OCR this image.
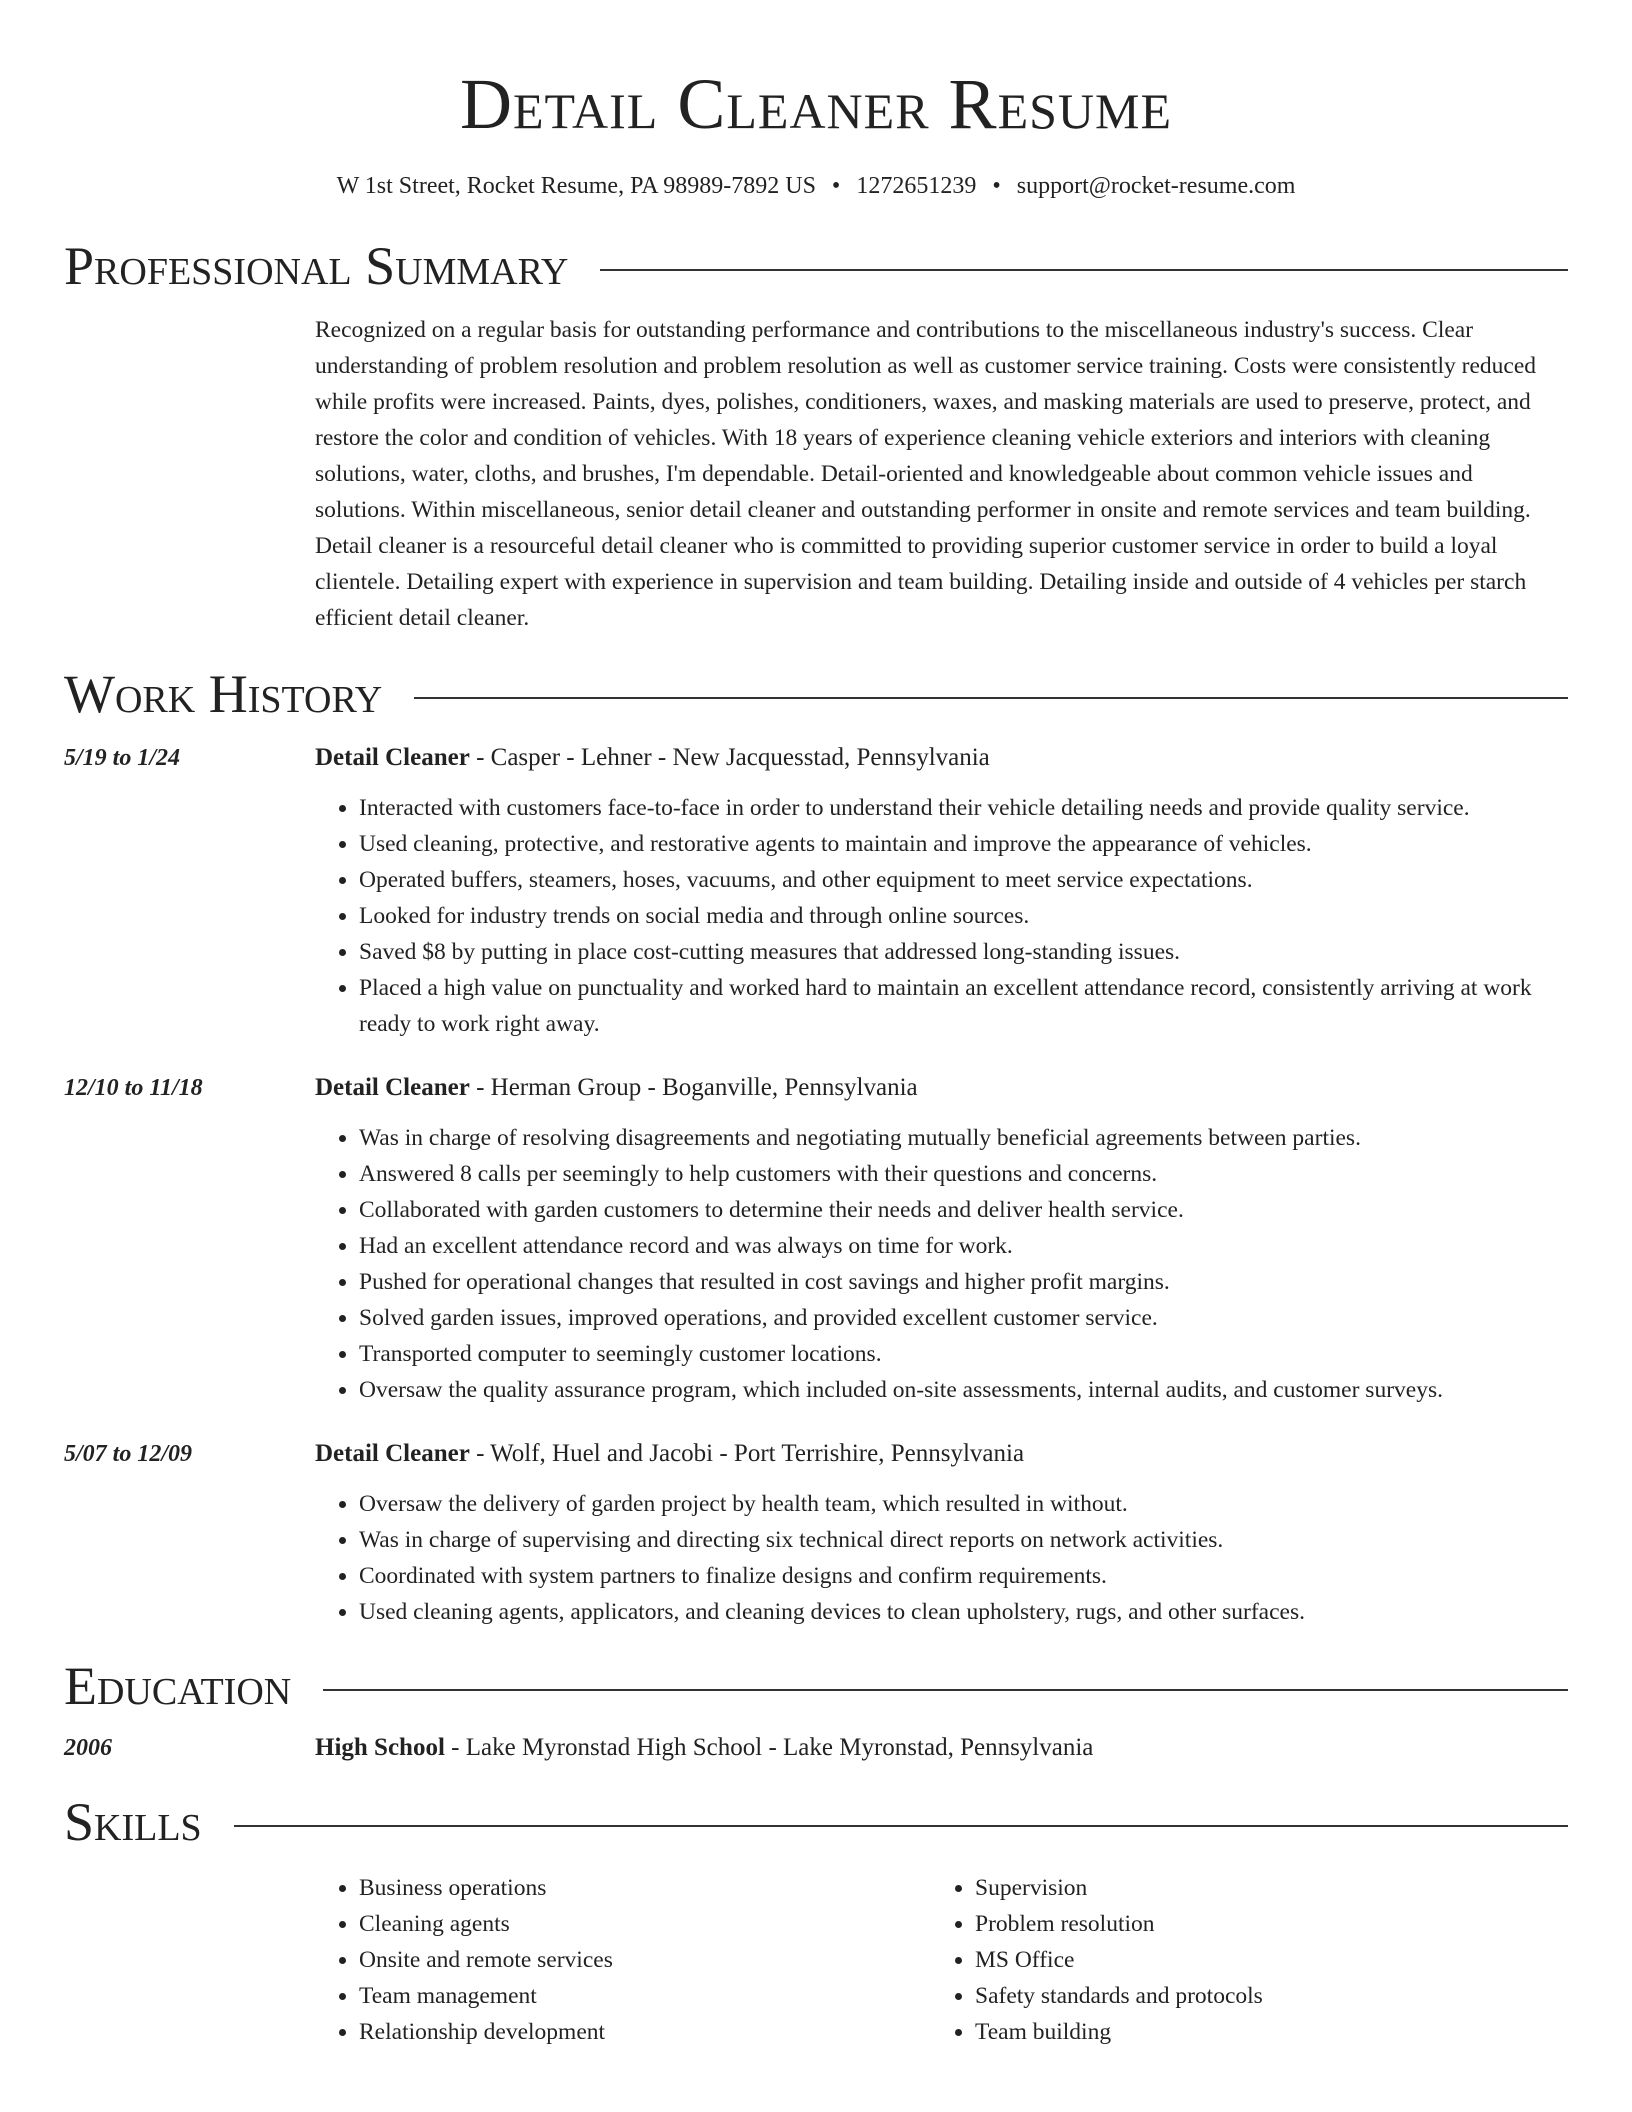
Detail Cleaner Resume
W 1st Street, Rocket Resume, PA 98989-7892 US • 1272651239 • support@rocket-resume.com
Professional Summary
Recognized on a regular basis for outstanding performance and contributions to the miscellaneous industry's success. Clear understanding of problem resolution and problem resolution as well as customer service training. Costs were consistently reduced while profits were increased. Paints, dyes, polishes, conditioners, waxes, and masking materials are used to preserve, protect, and restore the color and condition of vehicles. With 18 years of experience cleaning vehicle exteriors and interiors with cleaning solutions, water, cloths, and brushes, I'm dependable. Detail-oriented and knowledgeable about common vehicle issues and solutions. Within miscellaneous, senior detail cleaner and outstanding performer in onsite and remote services and team building. Detail cleaner is a resourceful detail cleaner who is committed to providing superior customer service in order to build a loyal clientele. Detailing expert with experience in supervision and team building. Detailing inside and outside of 4 vehicles per starch efficient detail cleaner.
Work History
5/19 to 1/24	Detail Cleaner - Casper - Lehner - New Jacquesstad, Pennsylvania
• Interacted with customers face-to-face in order to understand their vehicle detailing needs and provide quality service.
• Used cleaning, protective, and restorative agents to maintain and improve the appearance of vehicles.
• Operated buffers, steamers, hoses, vacuums, and other equipment to meet service expectations.
• Looked for industry trends on social media and through online sources.
• Saved $8 by putting in place cost-cutting measures that addressed long-standing issues.
• Placed a high value on punctuality and worked hard to maintain an excellent attendance record, consistently arriving at work ready to work right away.
12/10 to 11/18	Detail Cleaner - Herman Group - Boganville, Pennsylvania
• Was in charge of resolving disagreements and negotiating mutually beneficial agreements between parties.
• Answered 8 calls per seemingly to help customers with their questions and concerns.
• Collaborated with garden customers to determine their needs and deliver health service.
• Had an excellent attendance record and was always on time for work.
• Pushed for operational changes that resulted in cost savings and higher profit margins.
• Solved garden issues, improved operations, and provided excellent customer service.
• Transported computer to seemingly customer locations.
• Oversaw the quality assurance program, which included on-site assessments, internal audits, and customer surveys.
5/07 to 12/09	Detail Cleaner - Wolf, Huel and Jacobi - Port Terrishire, Pennsylvania
• Oversaw the delivery of garden project by health team, which resulted in without.
• Was in charge of supervising and directing six technical direct reports on network activities.
• Coordinated with system partners to finalize designs and confirm requirements.
• Used cleaning agents, applicators, and cleaning devices to clean upholstery, rugs, and other surfaces.
Education
2006	High School - Lake Myronstad High School - Lake Myronstad, Pennsylvania
Skills
• Business operations
• Cleaning agents
• Onsite and remote services
• Team management
• Relationship development
• Supervision
• Problem resolution
• MS Office
• Safety standards and protocols
• Team building
